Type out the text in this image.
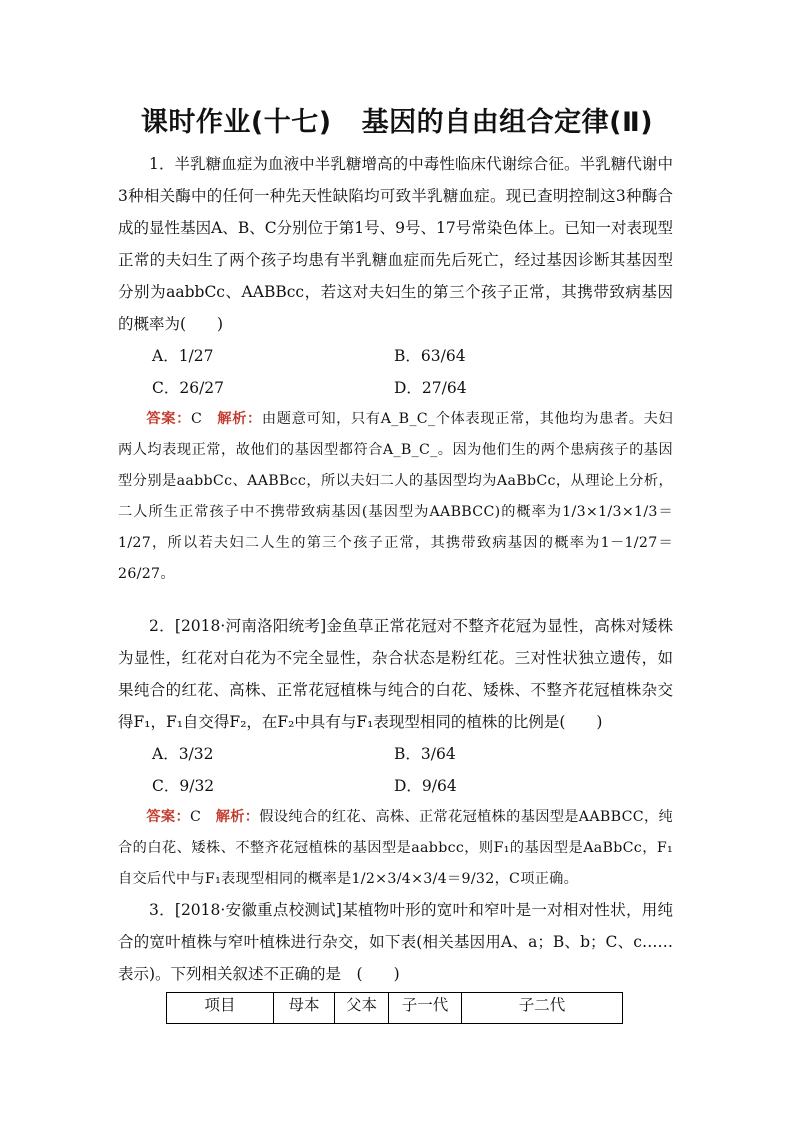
课时作业(十七) 基因的自由组合定律(Ⅱ)
1．半乳糖血症为血液中半乳糖增高的中毒性临床代谢综合征。半乳糖代谢中3种相关酶中的任何一种先天性缺陷均可致半乳糖血症。现已查明控制这3种酶合成的显性基因A、B、C分别位于第1号、9号、17号常染色体上。已知一对表现型正常的夫妇生了两个孩子均患有半乳糖血症而先后死亡，经过基因诊断其基因型分别为aabbCc、AABBcc，若这对夫妇生的第三个孩子正常，其携带致病基因的概率为(　　)
A．1/27	B．63/64
C．26/27	D．27/64
答案：C　 解析：由题意可知，只有A_B_C_个体表现正常，其他均为患者。夫妇两人均表现正常，故他们的基因型都符合A_B_C_。因为他们生的两个患病孩子的基因型分别是aabbCc、AABBcc，所以夫妇二人的基因型均为AaBbCc，从理论上分析，二人所生正常孩子中不携带致病基因(基因型为AABBCC)的概率为1/3×1/3×1/3＝1/27，所以若夫妇二人生的第三个孩子正常，其携带致病基因的概率为1－1/27＝26/27。
2．[2018·河南洛阳统考]金鱼草正常花冠对不整齐花冠为显性，高株对矮株为显性，红花对白花为不完全显性，杂合状态是粉红花。三对性状独立遗传，如果纯合的红花、高株、正常花冠植株与纯合的白花、矮株、不整齐花冠植株杂交得F₁，F₁自交得F₂，在F₂中具有与F₁表现型相同的植株的比例是(　　)
A．3/32	B．3/64
C．9/32	D．9/64
答案：C　 解析：假设纯合的红花、高株、正常花冠植株的基因型是AABBCC，纯合的白花、矮株、不整齐花冠植株的基因型是aabbcc，则F₁的基因型是AaBbCc，F₁自交后代中与F₁表现型相同的概率是1/2×3/4×3/4＝9/32，C项正确。
3．[2018·安徽重点校测试]某植物叶形的宽叶和窄叶是一对相对性状，用纯合的宽叶植株与窄叶植株进行杂交，如下表(相关基因用A、a；B、b；C、c……表示)。下列相关叙述不正确的是　(　　)
项目	母本	父本	子一代	子二代
